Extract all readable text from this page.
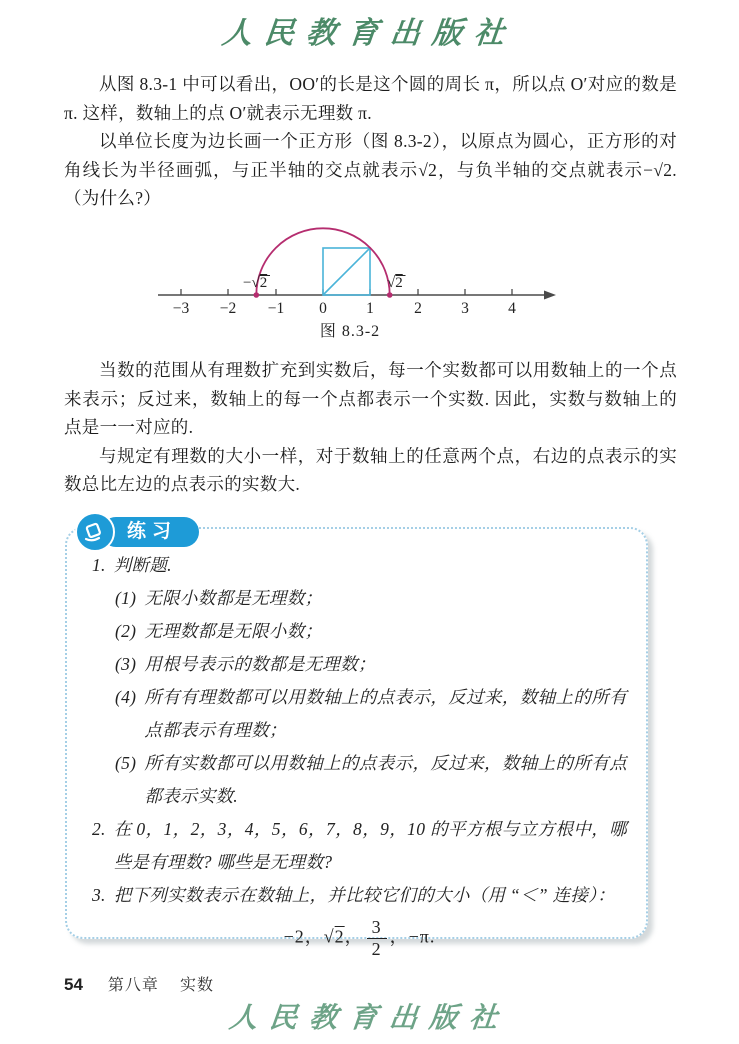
人民教育出版社

从图 8.3-1 中可以看出，OO′的长是这个圆的周长 π，所以点 O′对应的数是 π. 这样，数轴上的点 O′就表示无理数 π.

以单位长度为边长画一个正方形（图 8.3-2），以原点为圆心，正方形的对角线长为半径画弧，与正半轴的交点就表示√2，与负半轴的交点就表示−√2.（为什么?）

−√2	√2
−3 −2 −1 0	1	2	3	4
图 8.3-2

当数的范围从有理数扩充到实数后，每一个实数都可以用数轴上的一个点来表示；反过来，数轴上的每一个点都表示一个实数. 因此，实数与数轴上的点是一一对应的.

与规定有理数的大小一样，对于数轴上的任意两个点，右边的点表示的实数总比左边的点表示的实数大.

练习
1. 判断题.
(1) 无限小数都是无理数；
(2) 无理数都是无限小数；
(3) 用根号表示的数都是无理数；
(4) 所有有理数都可以用数轴上的点表示，反过来，数轴上的所有点都表示有理数；
(5) 所有实数都可以用数轴上的点表示，反过来，数轴上的所有点都表示实数.
2. 在 0，1，2，3，4，5，6，7，8，9，10 的平方根与立方根中，哪些是有理数? 哪些是无理数?
3. 把下列实数表示在数轴上，并比较它们的大小（用 “＜” 连接）：
−2，√2， $\frac{3}{2}$ ，−π.
54 第八章 实数
人民教育出版社
